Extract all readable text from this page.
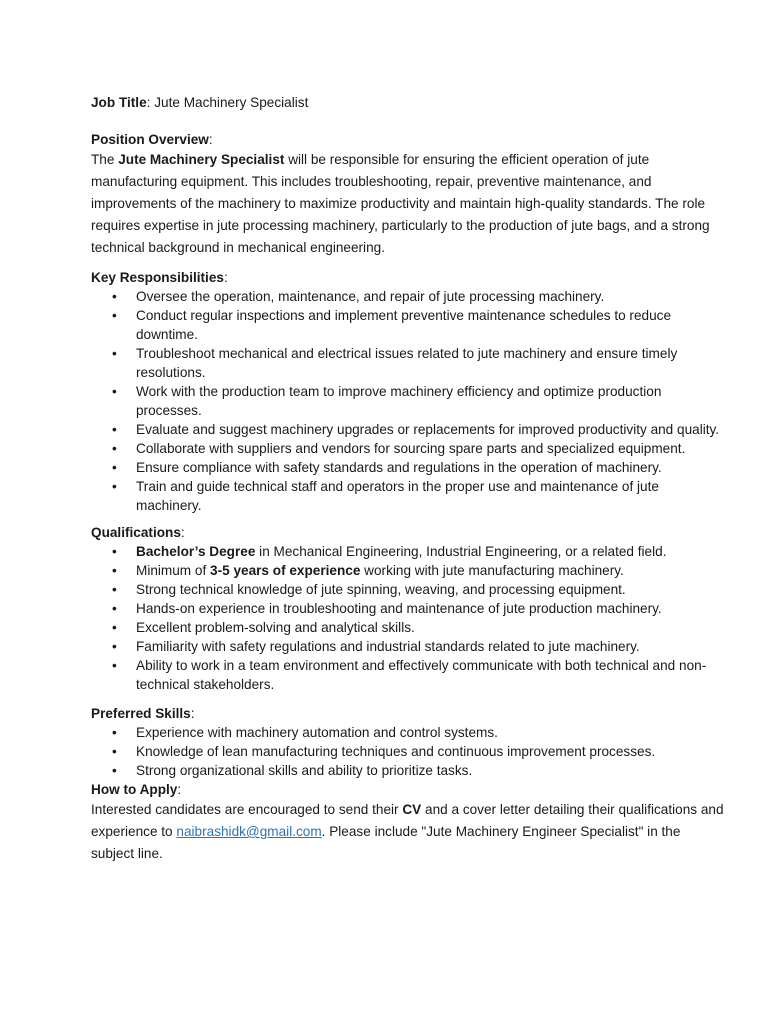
Job Title: Jute Machinery Specialist

Position Overview:

The Jute Machinery Specialist will be responsible for ensuring the efficient operation of jute manufacturing equipment. This includes troubleshooting, repair, preventive maintenance, and improvements of the machinery to maximize productivity and maintain high-quality standards. The role requires expertise in jute processing machinery, particularly to the production of jute bags, and a strong technical background in mechanical engineering.

Key Responsibilities:

• Oversee the operation, maintenance, and repair of jute processing machinery.
• Conduct regular inspections and implement preventive maintenance schedules to reduce downtime.
• Troubleshoot mechanical and electrical issues related to jute machinery and ensure timely resolutions.
• Work with the production team to improve machinery efficiency and optimize production processes.
• Evaluate and suggest machinery upgrades or replacements for improved productivity and quality.
• Collaborate with suppliers and vendors for sourcing spare parts and specialized equipment.
• Ensure compliance with safety standards and regulations in the operation of machinery.
• Train and guide technical staff and operators in the proper use and maintenance of jute machinery.

Qualifications:

• Bachelor’s Degree in Mechanical Engineering, Industrial Engineering, or a related field.
• Minimum of 3-5 years of experience working with jute manufacturing machinery.
• Strong technical knowledge of jute spinning, weaving, and processing equipment.
• Hands-on experience in troubleshooting and maintenance of jute production machinery.
• Excellent problem-solving and analytical skills.
• Familiarity with safety regulations and industrial standards related to jute machinery.
• Ability to work in a team environment and effectively communicate with both technical and non-technical stakeholders.

Preferred Skills:

• Experience with machinery automation and control systems.
• Knowledge of lean manufacturing techniques and continuous improvement processes.
• Strong organizational skills and ability to prioritize tasks.

How to Apply:

Interested candidates are encouraged to send their CV and a cover letter detailing their qualifications and experience to naibrashidk@gmail.com. Please include "Jute Machinery Engineer Specialist" in the subject line.
